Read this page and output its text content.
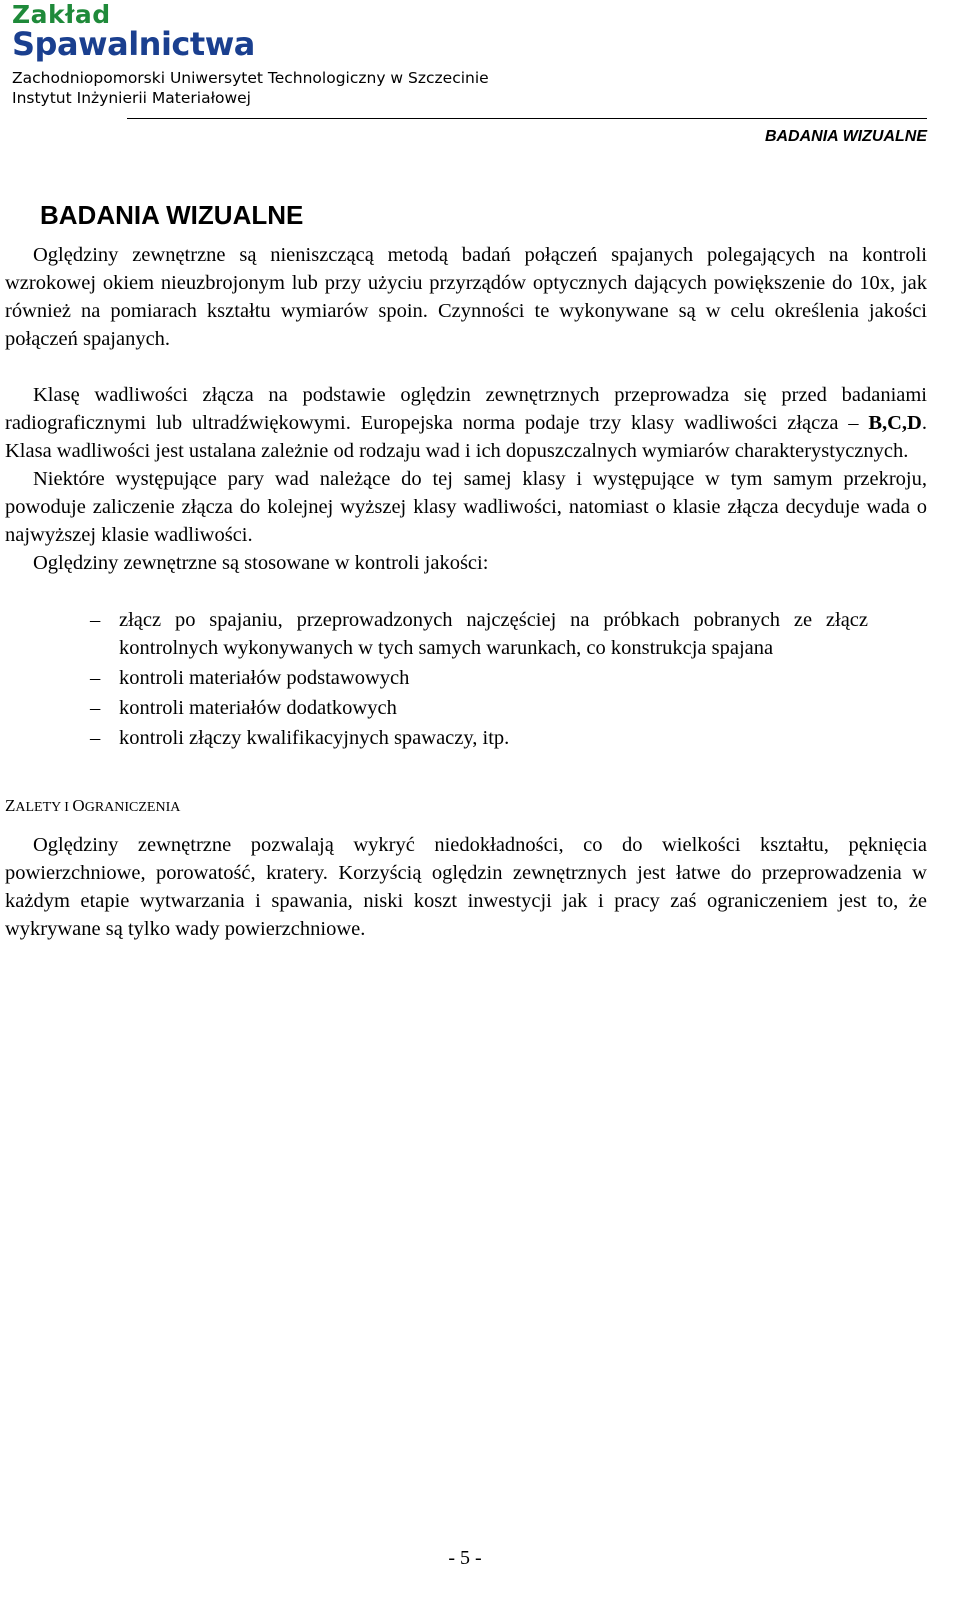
Zakład
Spawalnictwa
Zachodniopomorski Uniwersytet Technologiczny w Szczecinie
Instytut Inżynierii Materiałowej
BADANIA WIZUALNE
BADANIA WIZUALNE

Oględziny zewnętrzne są nieniszczącą metodą badań połączeń spajanych polegających na kontroli wzrokowej okiem nieuzbrojonym lub przy użyciu przyrządów optycznych dających powiększenie do 10x, jak również na pomiarach kształtu wymiarów spoin. Czynności te wykonywane są w celu określenia jakości połączeń spajanych.

Klasę wadliwości złącza na podstawie oględzin zewnętrznych przeprowadza się przed badaniami radiograficznymi lub ultradźwiękowymi. Europejska norma podaje trzy klasy wadliwości złącza – B,C,D. Klasa wadliwości jest ustalana zależnie od rodzaju wad i ich dopuszczalnych wymiarów charakterystycznych.

Niektóre występujące pary wad należące do tej samej klasy i występujące w tym samym przekroju, powoduje zaliczenie złącza do kolejnej wyższej klasy wadliwości, natomiast o klasie złącza decyduje wada o najwyższej klasie wadliwości.

Oględziny zewnętrzne są stosowane w kontroli jakości:

– złącz po spajaniu, przeprowadzonych najczęściej na próbkach pobranych ze złącz kontrolnych wykonywanych w tych samych warunkach, co konstrukcja spajana
– kontroli materiałów podstawowych
– kontroli materiałów dodatkowych
– kontroli złączy kwalifikacyjnych spawaczy, itp.
ZALETY I OGRANICZENIA

Oględziny zewnętrzne pozwalają wykryć niedokładności, co do wielkości kształtu, pęknięcia powierzchniowe, porowatość, kratery. Korzyścią oględzin zewnętrznych jest łatwe do przeprowadzenia w każdym etapie wytwarzania i spawania, niski koszt inwestycji jak i pracy zaś ograniczeniem jest to, że wykrywane są tylko wady powierzchniowe.

- 5 -
